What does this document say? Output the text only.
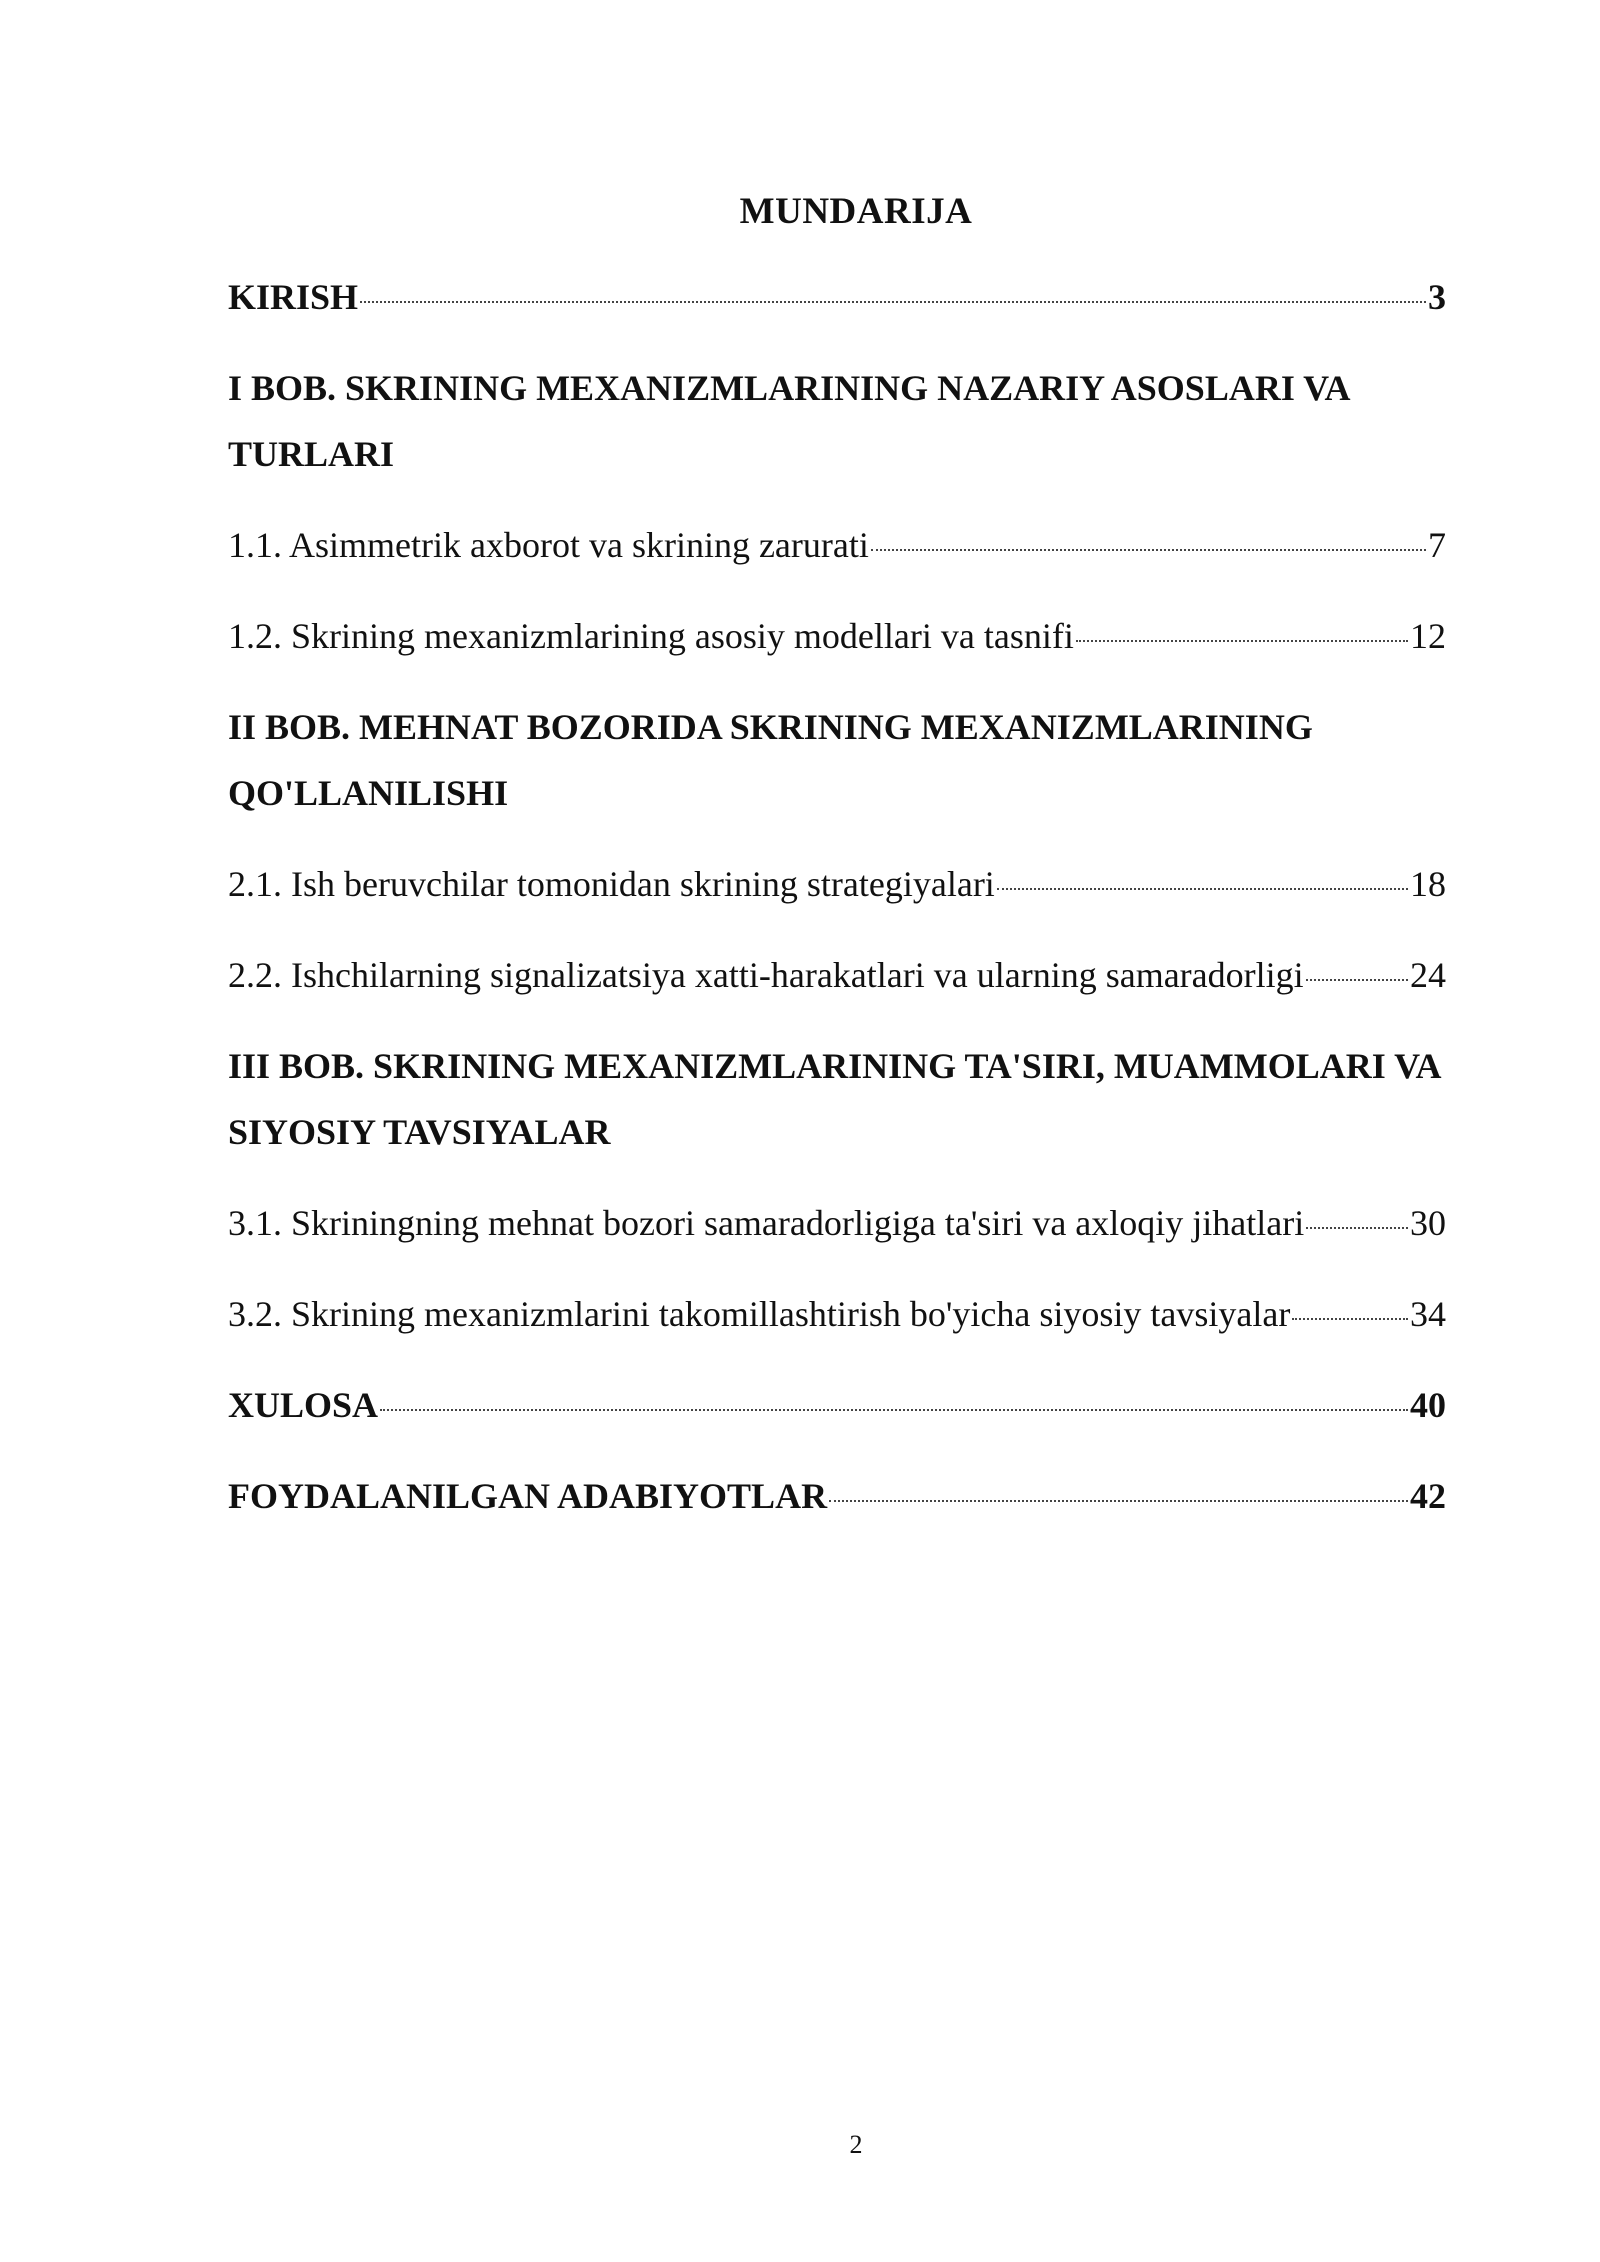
MUNDARIJA
KIRISH	3
I BOB. SKRINING MEXANIZMLARINING NAZARIY ASOSLARI VA TURLARI
1.1. Asimmetrik axborot va skrining zarurati	7
1.2. Skrining mexanizmlarining asosiy modellari va tasnifi	12
II BOB. MEHNAT BOZORIDA SKRINING MEXANIZMLARINING QO'LLANILISHI
2.1. Ish beruvchilar tomonidan skrining strategiyalari	18
2.2. Ishchilarning signalizatsiya xatti-harakatlari va ularning samaradorligi	24
III BOB. SKRINING MEXANIZMLARINING TA'SIRI, MUAMMOLARI VA SIYOSIY TAVSIYALAR
3.1. Skriningning mehnat bozori samaradorligiga ta'siri va axloqiy jihatlari	30
3.2. Skrining mexanizmlarini takomillashtirish bo'yicha siyosiy tavsiyalar	34
XULOSA	40
FOYDALANILGAN ADABIYOTLAR	42
2
